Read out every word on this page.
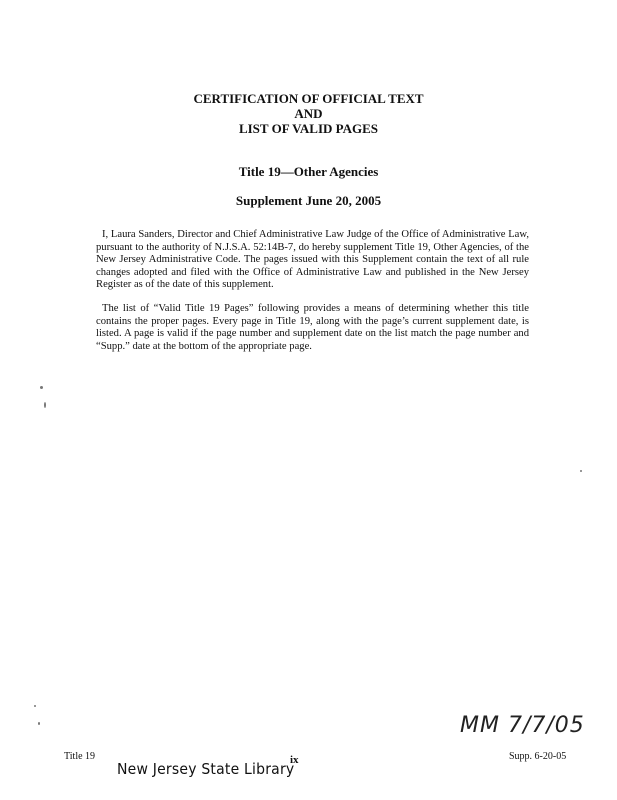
CERTIFICATION OF OFFICIAL TEXT
AND
LIST OF VALID PAGES
Title 19—Other Agencies
Supplement June 20, 2005

I, Laura Sanders, Director and Chief Administrative Law Judge of the Office of Administrative Law, pursuant to the authority of N.J.S.A. 52:14B-7, do hereby supplement Title 19, Other Agencies, of the New Jersey Administrative Code. The pages issued with this Supplement contain the text of all rule changes adopted and filed with the Office of Administrative Law and published in the New Jersey Register as of the date of this supplement.

The list of “Valid Title 19 Pages” following provides a means of determining whether this title contains the proper pages. Every page in Title 19, along with the page’s current supplement date, is listed. A page is valid if the page number and supplement date on the list match the page number and “Supp.” date at the bottom of the appropriate page.

MM 7/7/05
Title 19	ix	Supp. 6-20-05
New Jersey State Library
